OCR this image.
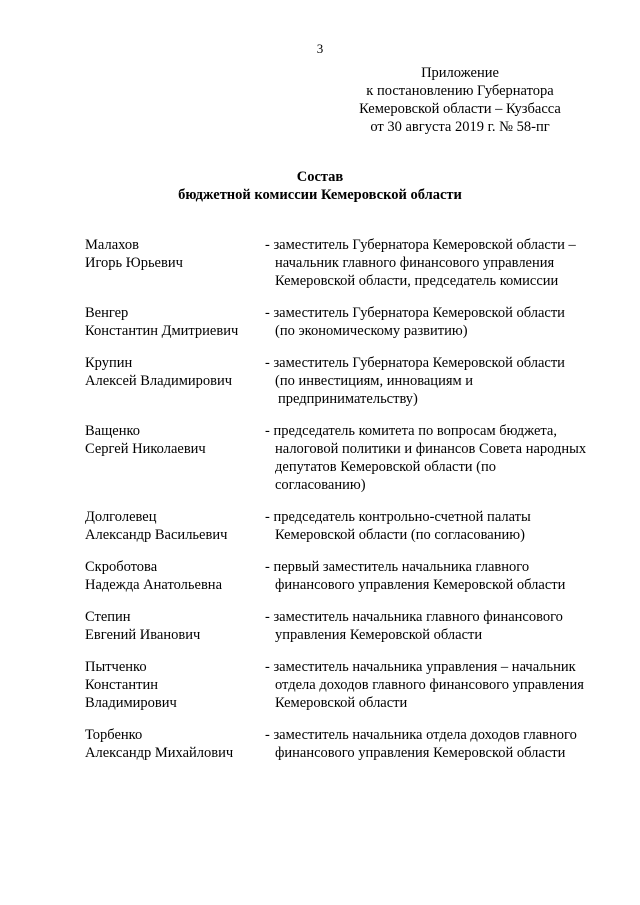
3
Приложение
к постановлению Губернатора
Кемеровской области – Кузбасса
от 30 августа 2019 г. № 58-пг
Состав
бюджетной комиссии Кемеровской области
Малахов
Игорь Юрьевич
- заместитель Губернатора Кемеровской области –
начальник главного финансового управления
Кемеровской области, председатель комиссии
Венгер
Константин Дмитриевич
- заместитель Губернатора Кемеровской области
(по экономическому развитию)
Крупин
Алексей Владимирович
- заместитель Губернатора Кемеровской области
(по инвестициям, инновациям и
предпринимательству)
Ващенко
Сергей Николаевич
- председатель комитета по вопросам бюджета,
налоговой политики и финансов Совета народных
депутатов Кемеровской области (по
согласованию)
Долголевец
Александр Васильевич
- председатель контрольно-счетной палаты
Кемеровской области (по согласованию)
Скроботова
Надежда Анатольевна
- первый заместитель начальника главного
финансового управления Кемеровской области
Степин
Евгений Иванович
- заместитель начальника главного финансового
управления Кемеровской области
Пытченко
Константин
Владимирович
- заместитель начальника управления – начальник
отдела доходов главного финансового управления
Кемеровской области
Торбенко
Александр Михайлович
- заместитель начальника отдела доходов главного
финансового управления Кемеровской области
